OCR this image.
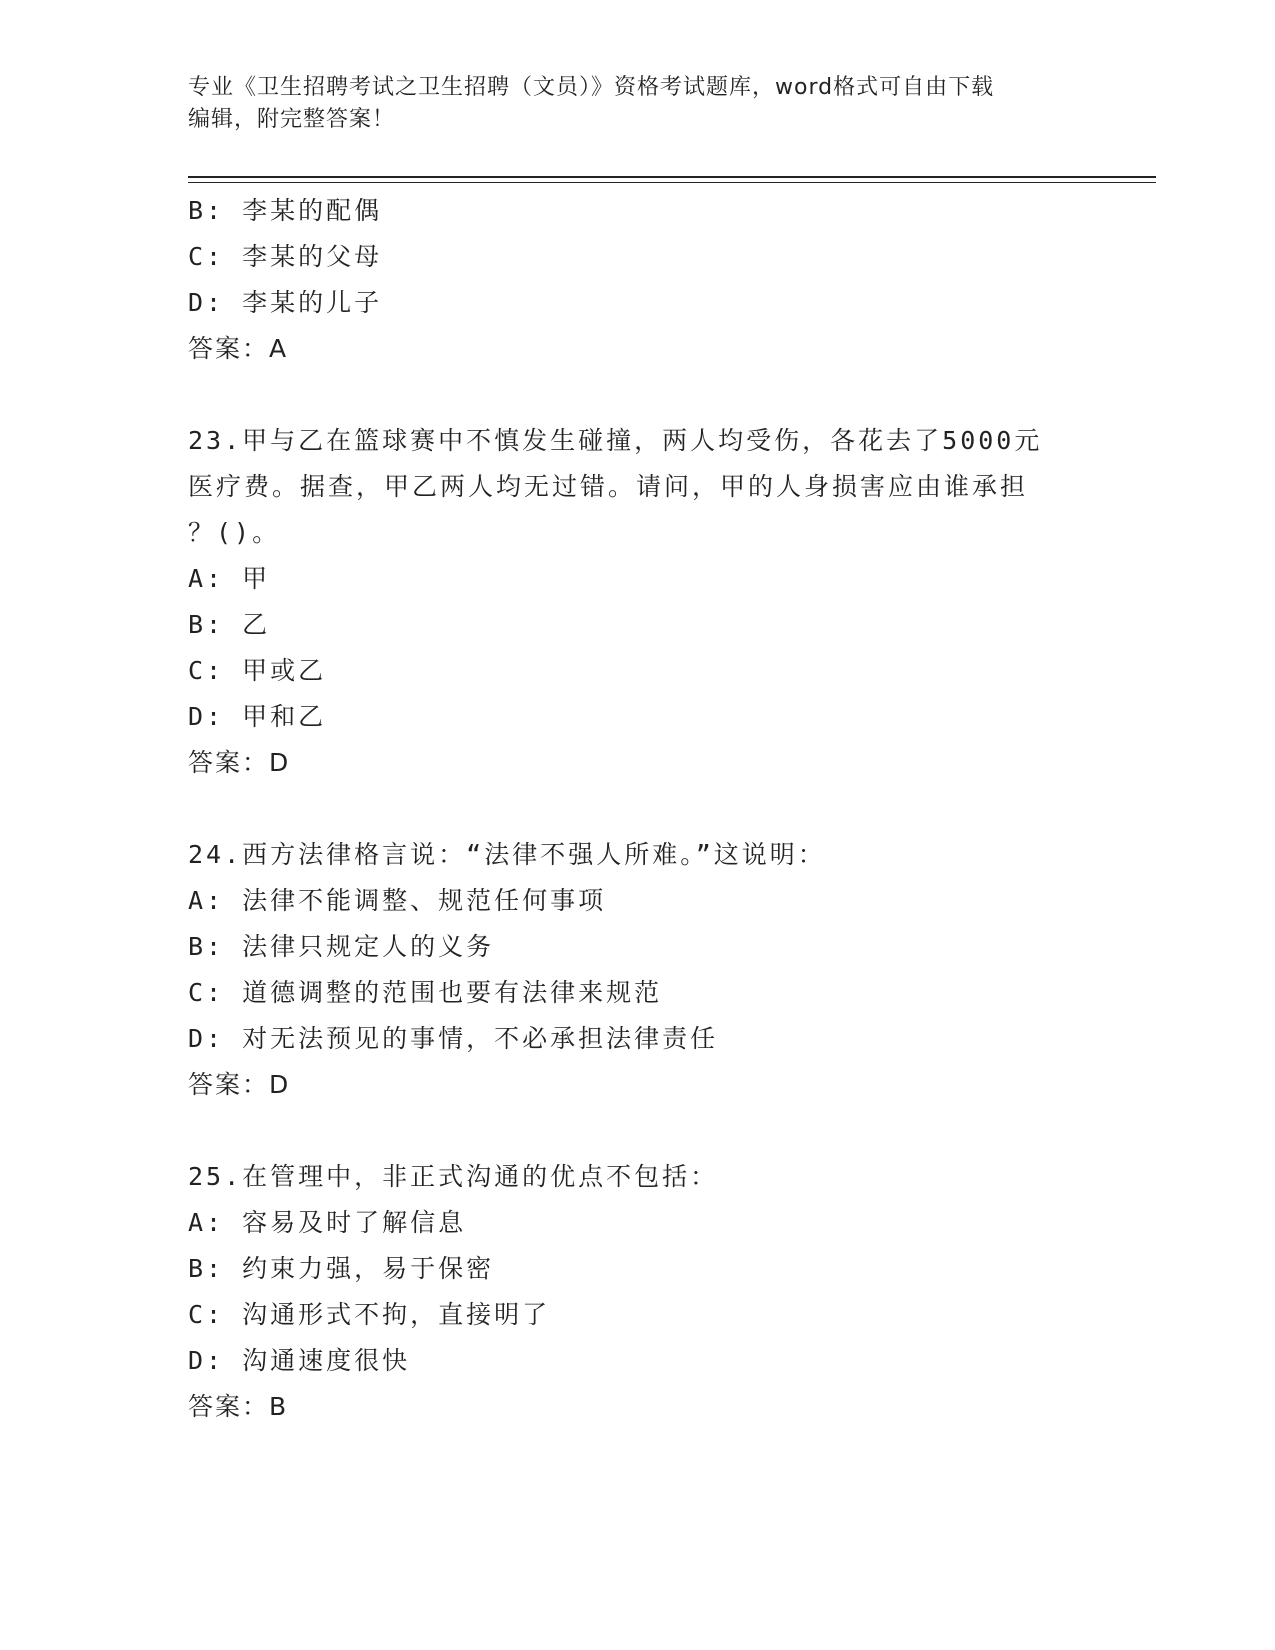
专业《卫生招聘考试之卫生招聘（文员）》资格考试题库，word格式可自由下载
编辑，附完整答案！
B: 李某的配偶
C: 李某的父母
D: 李某的儿子
答案：A
23.甲与乙在篮球赛中不慎发生碰撞，两人均受伤，各花去了5000元
医疗费。据查，甲乙两人均无过错。请问，甲的人身损害应由谁承担
？()。
A: 甲
B: 乙
C: 甲或乙
D: 甲和乙
答案：D
24.西方法律格言说：“法律不强人所难。”这说明：
A: 法律不能调整、规范任何事项
B: 法律只规定人的义务
C: 道德调整的范围也要有法律来规范
D: 对无法预见的事情，不必承担法律责任
答案：D
25.在管理中，非正式沟通的优点不包括：
A: 容易及时了解信息
B: 约束力强，易于保密
C: 沟通形式不拘，直接明了
D: 沟通速度很快
答案：B
